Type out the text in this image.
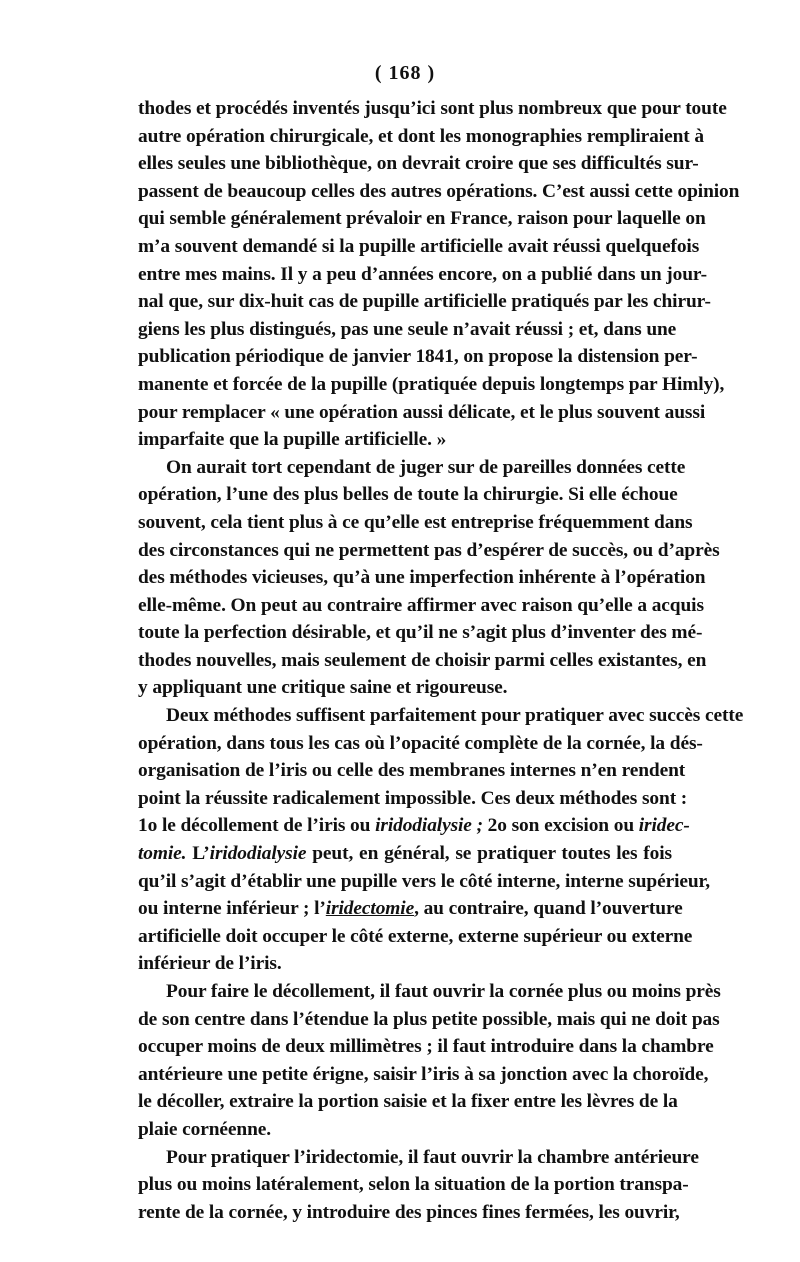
( 168 )
thodes et procédés inventés jusqu’ici sont plus nombreux que pour toute
autre opération chirurgicale, et dont les monographies rempliraient à
elles seules une bibliothèque, on devrait croire que ses difficultés sur-
passent de beaucoup celles des autres opérations. C’est aussi cette opinion
qui semble généralement prévaloir en France, raison pour laquelle on
m’a souvent demandé si la pupille artificielle avait réussi quelquefois
entre mes mains. Il y a peu d’années encore, on a publié dans un jour-
nal que, sur dix-huit cas de pupille artificielle pratiqués par les chirur-
giens les plus distingués, pas une seule n’avait réussi ; et, dans une
publication périodique de janvier 1841, on propose la distension per-
manente et forcée de la pupille (pratiquée depuis longtemps par Himly),
pour remplacer « une opération aussi délicate, et le plus souvent aussi
imparfaite que la pupille artificielle. »
On aurait tort cependant de juger sur de pareilles données cette
opération, l’une des plus belles de toute la chirurgie. Si elle échoue
souvent, cela tient plus à ce qu’elle est entreprise fréquemment dans
des circonstances qui ne permettent pas d’espérer de succès, ou d’après
des méthodes vicieuses, qu’à une imperfection inhérente à l’opération
elle-même. On peut au contraire affirmer avec raison qu’elle a acquis
toute la perfection désirable, et qu’il ne s’agit plus d’inventer des mé-
thodes nouvelles, mais seulement de choisir parmi celles existantes, en
y appliquant une critique saine et rigoureuse.
Deux méthodes suffisent parfaitement pour pratiquer avec succès cette
opération, dans tous les cas où l’opacité complète de la cornée, la dés-
organisation de l’iris ou celle des membranes internes n’en rendent
point la réussite radicalement impossible. Ces deux méthodes sont :
1o le décollement de l’iris ou iridodialysie ; 2o son excision ou iridec-
tomie. L’iridodialysie peut, en général, se pratiquer toutes les fois
qu’il s’agit d’établir une pupille vers le côté interne, interne supérieur,
ou interne inférieur ; l’iridectomie, au contraire, quand l’ouverture
artificielle doit occuper le côté externe, externe supérieur ou externe
inférieur de l’iris.
Pour faire le décollement, il faut ouvrir la cornée plus ou moins près
de son centre dans l’étendue la plus petite possible, mais qui ne doit pas
occuper moins de deux millimètres ; il faut introduire dans la chambre
antérieure une petite érigne, saisir l’iris à sa jonction avec la choroïde,
le décoller, extraire la portion saisie et la fixer entre les lèvres de la
plaie cornéenne.
Pour pratiquer l’iridectomie, il faut ouvrir la chambre antérieure
plus ou moins latéralement, selon la situation de la portion transpa-
rente de la cornée, y introduire des pinces fines fermées, les ouvrir,
